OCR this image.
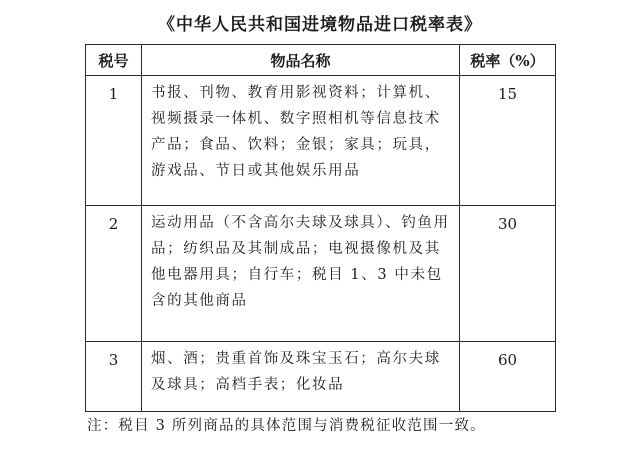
《中华人民共和国进境物品进口税率表》
税号	物品名称	税率（%）
1	书报、刊物、教育用影视资料；计算机、视频摄录一体机、数字照相机等信息技术产品；食品、饮料；金银；家具；玩具，游戏品、节日或其他娱乐用品	15
2	运动用品（不含高尔夫球及球具）、钓鱼用品；纺织品及其制成品；电视摄像机及其他电器用具；自行车；税目 1、3 中未包含的其他商品	30
3	烟、酒；贵重首饰及珠宝玉石；高尔夫球及球具；高档手表；化妆品	60
注：税目 3 所列商品的具体范围与消费税征收范围一致。
